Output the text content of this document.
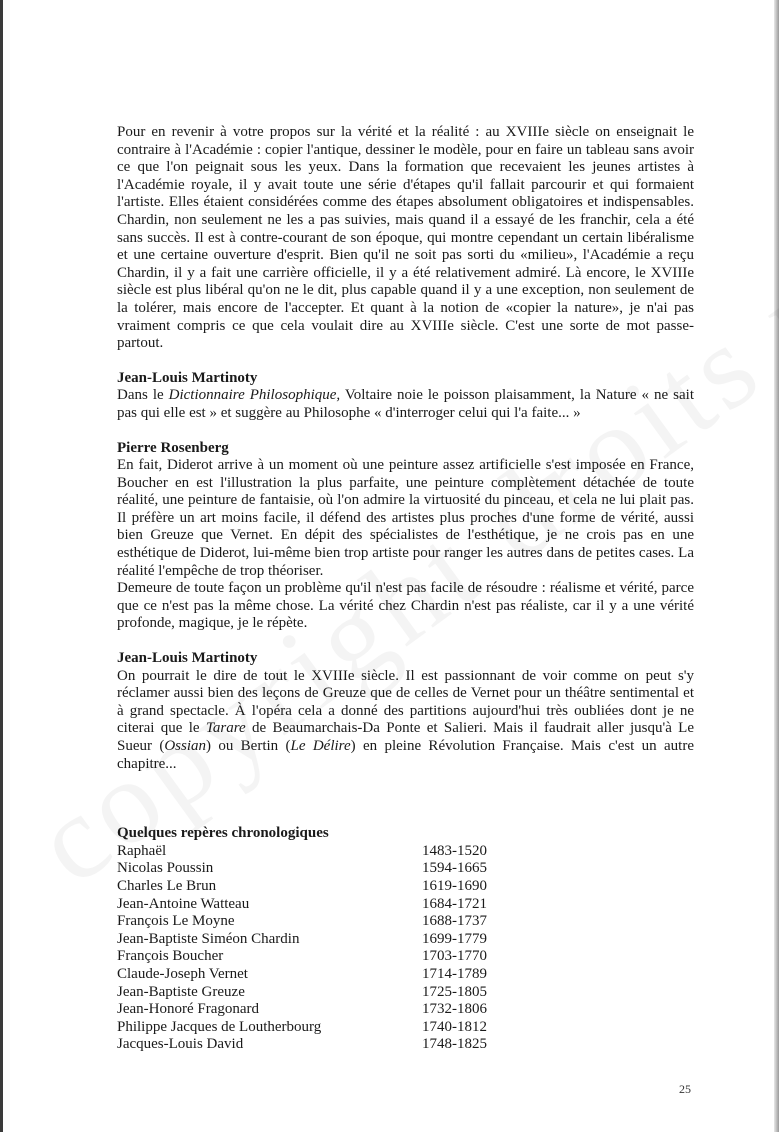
Pour en revenir à votre propos sur la vérité et la réalité : au XVIIIe siècle on enseignait le contraire à l'Académie : copier l'antique, dessiner le modèle, pour en faire un tableau sans avoir ce que l'on peignait sous les yeux. Dans la formation que recevaient les jeunes artistes à l'Académie royale, il y avait toute une série d'étapes qu'il fallait parcourir et qui formaient l'artiste. Elles étaient considérées comme des étapes absolument obligatoires et indispensables. Chardin, non seulement ne les a pas suivies, mais quand il a essayé de les franchir, cela a été sans succès. Il est à contre-courant de son époque, qui montre cependant un certain libéralisme et une certaine ouverture d'esprit. Bien qu'il ne soit pas sorti du «milieu», l'Académie a reçu Chardin, il y a fait une carrière officielle, il y a été relativement admiré. Là encore, le XVIIIe siècle est plus libéral qu'on ne le dit, plus capable quand il y a une exception, non seulement de la tolérer, mais encore de l'accepter. Et quant à la notion de «copier la nature», je n'ai pas vraiment compris ce que cela voulait dire au XVIIIe siècle. C'est une sorte de mot passe-partout.

Jean-Louis Martinoty

Dans le Dictionnaire Philosophique, Voltaire noie le poisson plaisamment, la Nature « ne sait pas qui elle est » et suggère au Philosophe « d'interroger celui qui l'a faite... »

Pierre Rosenberg

En fait, Diderot arrive à un moment où une peinture assez artificielle s'est imposée en France, Boucher en est l'illustration la plus parfaite, une peinture complètement détachée de toute réalité, une peinture de fantaisie, où l'on admire la virtuosité du pinceau, et cela ne lui plait pas. Il préfère un art moins facile, il défend des artistes plus proches d'une forme de vérité, aussi bien Greuze que Vernet. En dépit des spécialistes de l'esthétique, je ne crois pas en une esthétique de Diderot, lui-même bien trop artiste pour ranger les autres dans de petites cases. La réalité l'empêche de trop théoriser.

Demeure de toute façon un problème qu'il n'est pas facile de résoudre : réalisme et vérité, parce que ce n'est pas la même chose. La vérité chez Chardin n'est pas réaliste, car il y a une vérité profonde, magique, je le répète.

Jean-Louis Martinoty

On pourrait le dire de tout le XVIIIe siècle. Il est passionnant de voir comme on peut s'y réclamer aussi bien des leçons de Greuze que de celles de Vernet pour un théâtre sentimental et à grand spectacle. À l'opéra cela a donné des partitions aujourd'hui très oubliées dont je ne citerai que le Tarare de Beaumarchais-Da Ponte et Salieri. Mais il faudrait aller jusqu'à Le Sueur (Ossian) ou Bertin (Le Délire) en pleine Révolution Française. Mais c'est un autre chapitre...

Quelques repères chronologiques
Raphaël	1483-1520
Nicolas Poussin	1594-1665
Charles Le Brun	1619-1690
Jean-Antoine Watteau	1684-1721
François Le Moyne	1688-1737
Jean-Baptiste Siméon Chardin	1699-1779
François Boucher	1703-1770
Claude-Joseph Vernet	1714-1789
Jean-Baptiste Greuze	1725-1805
Jean-Honoré Fragonard	1732-1806
Philippe Jacques de Loutherbourg	1740-1812
Jacques-Louis David	1748-1825
25
